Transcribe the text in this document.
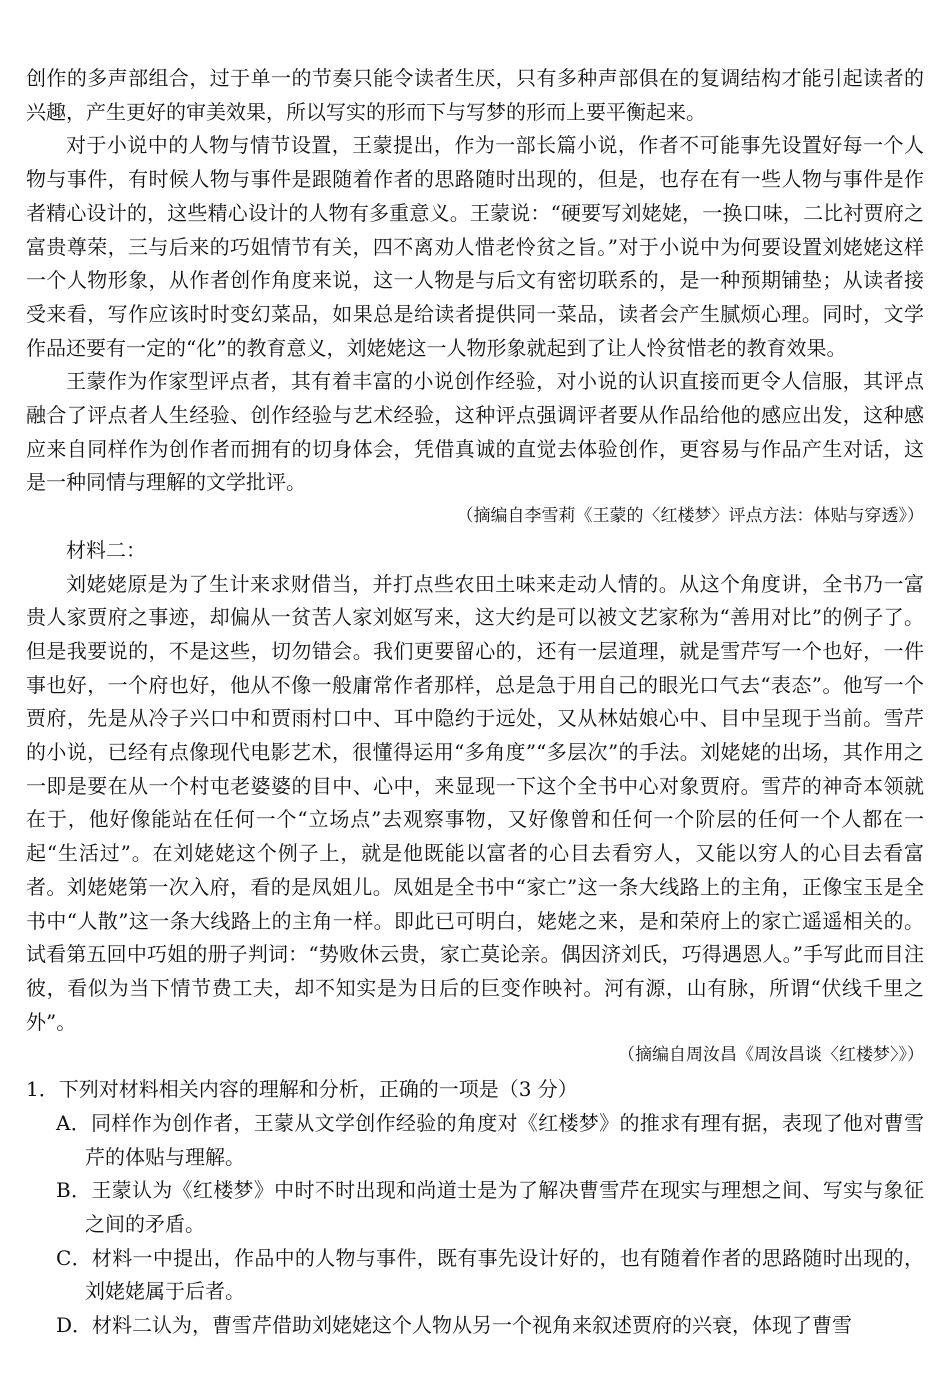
创作的多声部组合，过于单一的节奏只能令读者生厌，只有多种声部俱在的复调结构才能引起读者的兴趣，产生更好的审美效果，所以写实的形而下与写梦的形而上要平衡起来。

对于小说中的人物与情节设置，王蒙提出，作为一部长篇小说，作者不可能事先设置好每一个人物与事件，有时候人物与事件是跟随着作者的思路随时出现的，但是，也存在有一些人物与事件是作者精心设计的，这些精心设计的人物有多重意义。王蒙说：“硬要写刘姥姥，一换口味，二比衬贾府之富贵尊荣，三与后来的巧姐情节有关，四不离劝人惜老怜贫之旨。”对于小说中为何要设置刘姥姥这样一个人物形象，从作者创作角度来说，这一人物是与后文有密切联系的，是一种预期铺垫；从读者接受来看，写作应该时时变幻菜品，如果总是给读者提供同一菜品，读者会产生腻烦心理。同时，文学作品还要有一定的“化”的教育意义，刘姥姥这一人物形象就起到了让人怜贫惜老的教育效果。

王蒙作为作家型评点者，其有着丰富的小说创作经验，对小说的认识直接而更令人信服，其评点融合了评点者人生经验、创作经验与艺术经验，这种评点强调评者要从作品给他的感应出发，这种感应来自同样作为创作者而拥有的切身体会，凭借真诚的直觉去体验创作，更容易与作品产生对话，这是一种同情与理解的文学批评。

（摘编自李雪莉《王蒙的〈红楼梦〉评点方法：体贴与穿透》）

材料二：

刘姥姥原是为了生计来求财借当，并打点些农田土味来走动人情的。从这个角度讲，全书乃一富贵人家贾府之事迹，却偏从一贫苦人家刘妪写来，这大约是可以被文艺家称为“善用对比”的例子了。但是我要说的，不是这些，切勿错会。我们更要留心的，还有一层道理，就是雪芹写一个也好，一件事也好，一个府也好，他从不像一般庸常作者那样，总是急于用自己的眼光口气去“表态”。他写一个贾府，先是从冷子兴口中和贾雨村口中、耳中隐约于远处，又从林姑娘心中、目中呈现于当前。雪芹的小说，已经有点像现代电影艺术，很懂得运用“多角度”“多层次”的手法。刘姥姥的出场，其作用之一即是要在从一个村屯老婆婆的目中、心中，来显现一下这个全书中心对象贾府。雪芹的神奇本领就在于，他好像能站在任何一个“立场点”去观察事物，又好像曾和任何一个阶层的任何一个人都在一起“生活过”。在刘姥姥这个例子上，就是他既能以富者的心目去看穷人，又能以穷人的心目去看富者。刘姥姥第一次入府，看的是凤姐儿。凤姐是全书中“家亡”这一条大线路上的主角，正像宝玉是全书中“人散”这一条大线路上的主角一样。即此已可明白，姥姥之来，是和荣府上的家亡遥遥相关的。试看第五回中巧姐的册子判词：“势败休云贵，家亡莫论亲。偶因济刘氏，巧得遇恩人。”手写此而目注彼，看似为当下情节费工夫，却不知实是为日后的巨变作映衬。河有源，山有脉，所谓“伏线千里之外”。

（摘编自周汝昌《周汝昌谈〈红楼梦〉》）

1．下列对材料相关内容的理解和分析，正确的一项是（3 分）

A．同样作为创作者，王蒙从文学创作经验的角度对《红楼梦》的推求有理有据，表现了他对曹雪芹的体贴与理解。

B．王蒙认为《红楼梦》中时不时出现和尚道士是为了解决曹雪芹在现实与理想之间、写实与象征之间的矛盾。

C．材料一中提出，作品中的人物与事件，既有事先设计好的，也有随着作者的思路随时出现的，刘姥姥属于后者。

D．材料二认为，曹雪芹借助刘姥姥这个人物从另一个视角来叙述贾府的兴衰，体现了曹雪
